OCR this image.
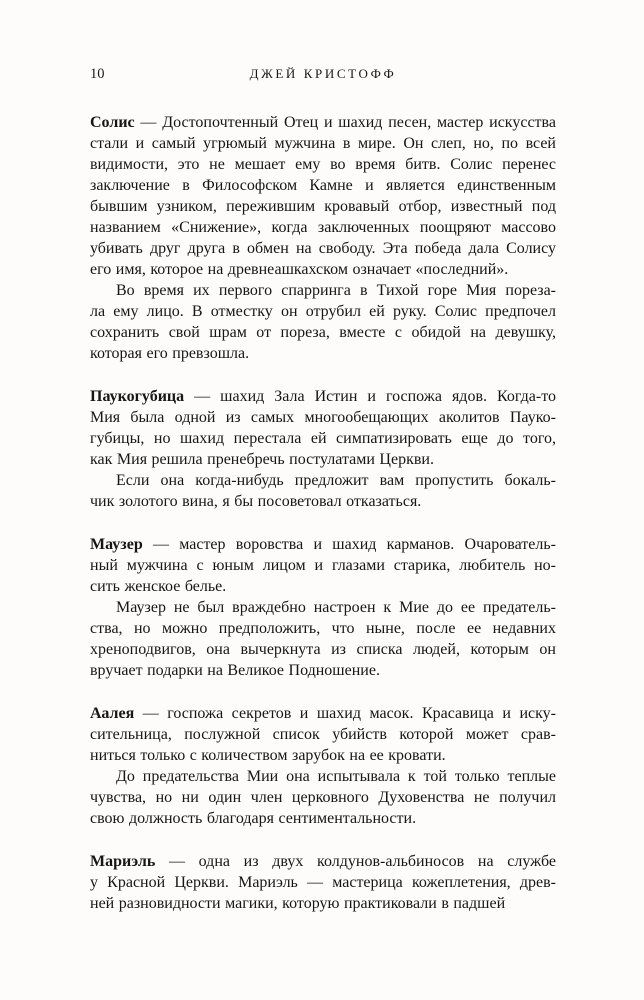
10	ДЖЕЙ КРИСТОФФ
Солис — Достопочтенный Отец и шахид песен, мастер искусства
стали и самый угрюмый мужчина в мире. Он слеп, но, по всей
видимости, это не мешает ему во время битв. Солис перенес
заключение в Философском Камне и является единственным
бывшим узником, пережившим кровавый отбор, известный под
названием «Снижение», когда заключенных поощряют массово
убивать друг друга в обмен на свободу. Эта победа дала Солису
его имя, которое на древнеашкахском означает «последний».
Во время их первого спарринга в Тихой горе Мия пореза-
ла ему лицо. В отместку он отрубил ей руку. Солис предпочел
сохранить свой шрам от пореза, вместе с обидой на девушку,
которая его превзошла.
Паукогубица — шахид Зала Истин и госпожа ядов. Когда-то
Мия была одной из самых многообещающих аколитов Пауко-
губицы, но шахид перестала ей симпатизировать еще до того,
как Мия решила пренебречь постулатами Церкви.
Если она когда-нибудь предложит вам пропустить бокаль-
чик золотого вина, я бы посоветовал отказаться.
Маузер — мастер воровства и шахид карманов. Очарователь-
ный мужчина с юным лицом и глазами старика, любитель но-
сить женское белье.
Маузер не был враждебно настроен к Мие до ее предатель-
ства, но можно предположить, что ныне, после ее недавних
хреноподвигов, она вычеркнута из списка людей, которым он
вручает подарки на Великое Подношение.
Аалея — госпожа секретов и шахид масок. Красавица и иску-
сительница, послужной список убийств которой может срав-
ниться только с количеством зарубок на ее кровати.
До предательства Мии она испытывала к той только теплые
чувства, но ни один член церковного Духовенства не получил
свою должность благодаря сентиментальности.
Мариэль — одна из двух колдунов-альбиносов на службе
у Красной Церкви. Мариэль — мастерица кожеплетения, древ-
ней разновидности магики, которую практиковали в падшей
